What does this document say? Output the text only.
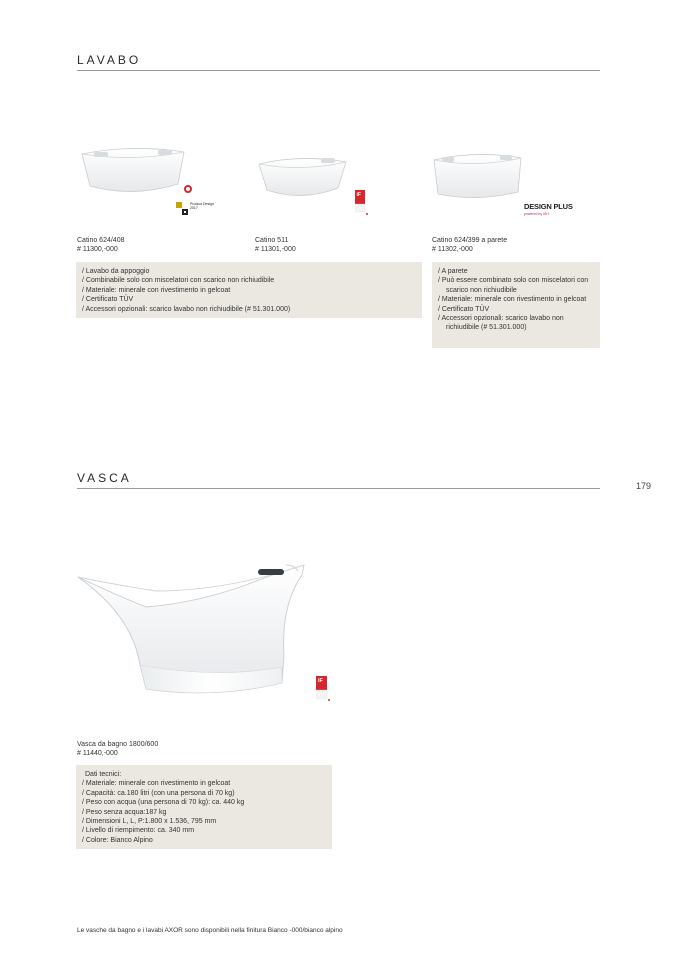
LAVABO
Product Design 2017
Catino 624/408
# 11300,-000
iF
Catino 511
# 11301,-000
DESIGN PLUS
powered by ISH
Catino 624/399 a parete
# 11302,-000
/ Lavabo da appoggio
/ Combinabile solo con miscelatori con scarico non richiudibile
/ Materiale: minerale con rivestimento in gelcoat
/ Certificato TÜV
/ Accessori opzionali: scarico lavabo non richiudibile (# 51.301.000)
/ A parete
/ Può essere combinato solo con miscelatori con scarico non richiudibile
/ Materiale: minerale con rivestimento in gelcoat
/ Certificato TÜV
/ Accessori opzionali: scarico lavabo non richiudibile (# 51.301.000)
VASCA
179
iF
Vasca da bagno 1800/600
# 11440,-000
Dati tecnici:
/ Materiale: minerale con rivestimento in gelcoat
/ Capacità: ca.180 litri (con una persona di 70 kg)
/ Peso con acqua (una persona di 70 kg): ca. 440 kg
/ Peso senza acqua:187 kg
/ Dimensioni L, L, P:1.800 x 1.536, 795 mm
/ Livello di riempimento: ca. 340 mm
/ Colore: Bianco Alpino
Le vasche da bagno e i lavabi AXOR sono disponibili nella finitura Bianco -000/bianco alpino
